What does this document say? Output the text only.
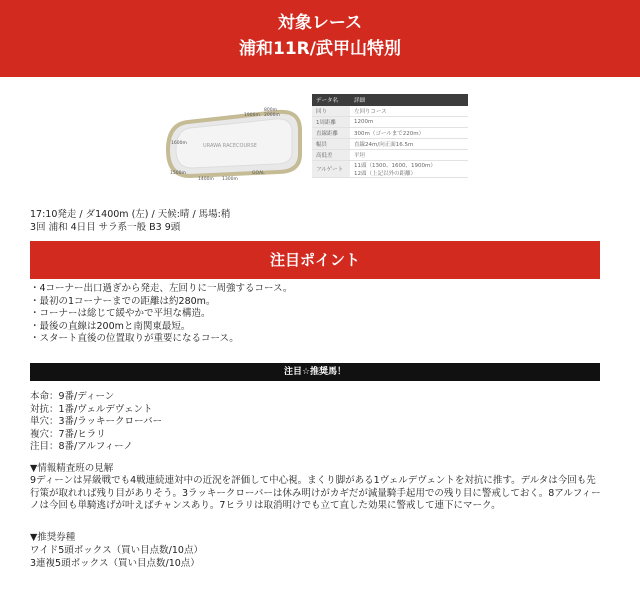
対象レース
浦和11R/武甲山特別
URAWA RACECOURSE
800m
2000m
1900m
1600m
1500m
1400m 1300m
GOAL
データ名	詳細
回り	左回りコース
1周距離	1200m
直線距離	300m（ゴールまで220m）
幅員	直線24m/向正面16.5m
高低差	平坦
フルゲート	11頭（1300、1600、1900m）
12頭（上記以外の距離）
17:10発走 / ダ1400m (左) / 天候:晴 / 馬場:稍
3回 浦和 4日目 サラ系一般 B3 9頭
注目ポイント
・4コーナー出口過ぎから発走、左回りに一周強するコース。
・最初の1コーナーまでの距離は約280m。
・コーナーは総じて緩やかで平坦な構造。
・最後の直線は200mと南関東最短。
・スタート直後の位置取りが重要になるコース。
注目☆推奨馬！
本命：9番/ディーン
対抗：1番/ヴェルデヴェント
単穴：3番/ラッキークローバー
複穴：7番/ヒラリ
注目：8番/アルフィーノ
▼情報精査班の見解

9ディーンは昇級戦でも4戦連続連対中の近況を評価して中心視。まくり脚がある1ヴェルデヴェントを対抗に推す。デルタは今回も先行策が取れれば残り目がありそう。3ラッキークローバーは休み明けがカギだが減量騎手起用での残り目に警戒しておく。8アルフィーノは今回も単騎逃げが叶えばチャンスあり。7ヒラリは取消明けでも立て直した効果に警戒して連下にマーク。

▼推奨券種
ワイド5頭ボックス（買い目点数/10点）
3連複5頭ボックス（買い目点数/10点）
